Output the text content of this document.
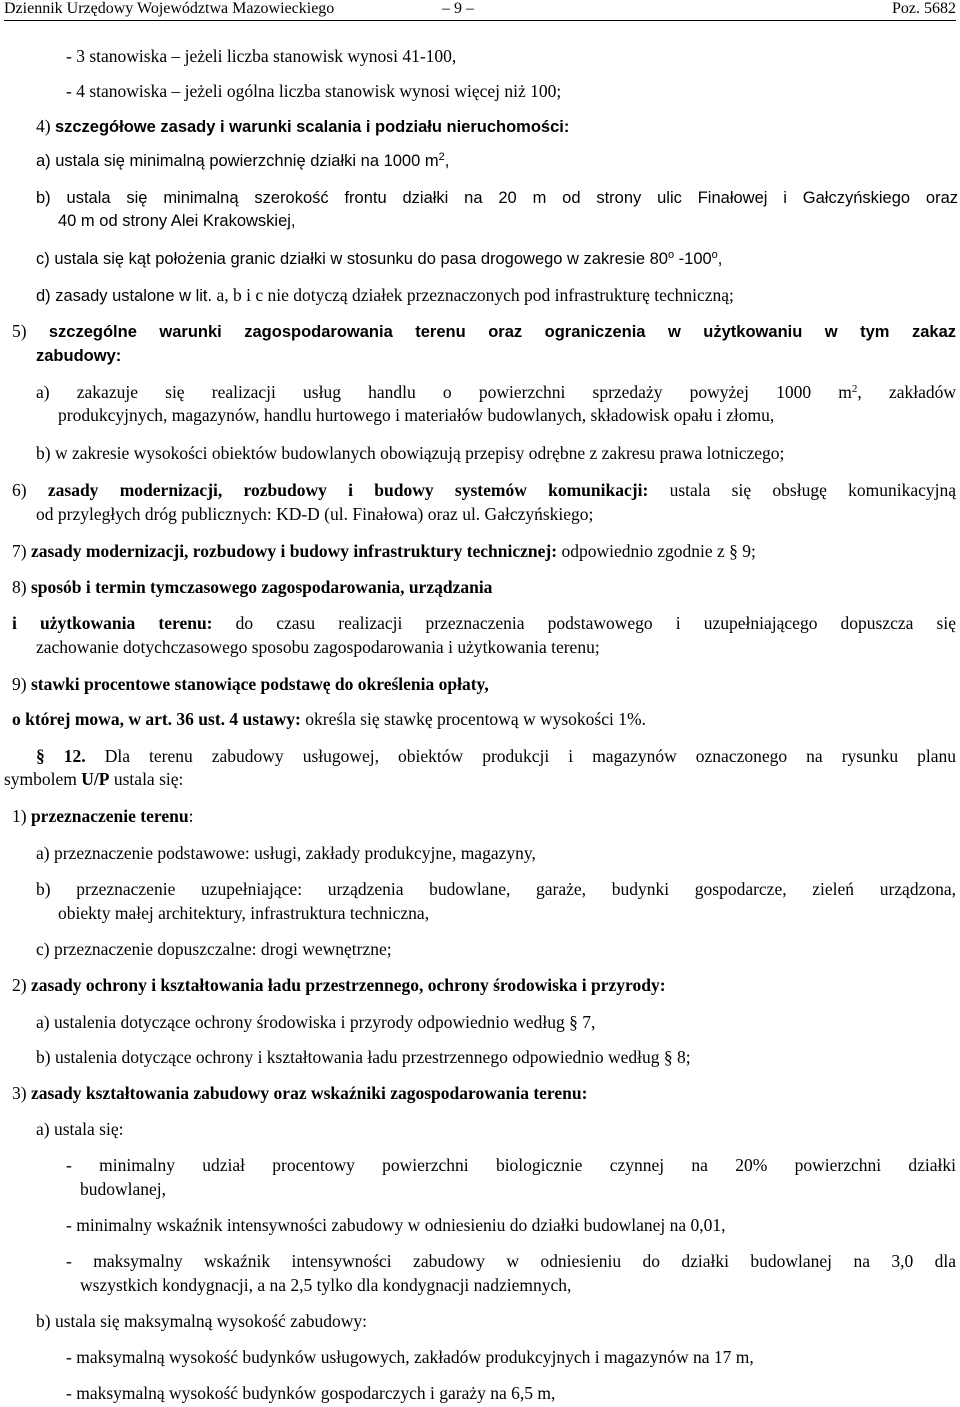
Dziennik Urzędowy Województwa Mazowieckiego	– 9 –	Poz. 5682
- 3 stanowiska – jeżeli liczba stanowisk wynosi 41-100,
- 4 stanowiska – jeżeli ogólna liczba stanowisk wynosi więcej niż 100;
4) szczegółowe zasady i warunki scalania i podziału nieruchomości:
a) ustala się minimalną powierzchnię działki na 1000 $m^2$,
b) ustala się minimalną szerokość frontu działki na 20 m od strony ulic Finałowej i Gałczyńskiego oraz
40 m od strony Alei Krakowskiej,
c) ustala się kąt położenia granic działki w stosunku do pasa drogowego w zakresie 80$^o$ -100$^o$,
d) zasady ustalone w lit. a, b i c nie dotyczą działek przeznaczonych pod infrastrukturę techniczną;
5) szczególne warunki zagospodarowania terenu oraz ograniczenia w użytkowaniu w tym zakaz
zabudowy:
a) zakazuje się realizacji usług handlu o powierzchni sprzedaży powyżej 1000 $m^2$, zakładów
produkcyjnych, magazynów, handlu hurtowego i materiałów budowlanych, składowisk opału i złomu,
b) w zakresie wysokości obiektów budowlanych obowiązują przepisy odrębne z zakresu prawa lotniczego;
6) zasady modernizacji, rozbudowy i budowy systemów komunikacji: ustala się obsługę komunikacyjną
od przyległych dróg publicznych: KD-D (ul. Finałowa) oraz ul. Gałczyńskiego;
7) zasady modernizacji, rozbudowy i budowy infrastruktury technicznej: odpowiednio zgodnie z § 9;
8) sposób i termin tymczasowego zagospodarowania, urządzania
i użytkowania terenu: do czasu realizacji przeznaczenia podstawowego i uzupełniającego dopuszcza się
zachowanie dotychczasowego sposobu zagospodarowania i użytkowania terenu;
9) stawki procentowe stanowiące podstawę do określenia opłaty,
o której mowa, w art. 36 ust. 4 ustawy: określa się stawkę procentową w wysokości 1%.
§ 12. Dla terenu zabudowy usługowej, obiektów produkcji i magazynów oznaczonego na rysunku planu
symbolem U/P ustala się:
1) przeznaczenie terenu:
a) przeznaczenie podstawowe: usługi, zakłady produkcyjne, magazyny,
b) przeznaczenie uzupełniające: urządzenia budowlane, garaże, budynki gospodarcze, zieleń urządzona,
obiekty małej architektury, infrastruktura techniczna,
c) przeznaczenie dopuszczalne: drogi wewnętrzne;
2) zasady ochrony i kształtowania ładu przestrzennego, ochrony środowiska i przyrody:
a) ustalenia dotyczące ochrony środowiska i przyrody odpowiednio według § 7,
b) ustalenia dotyczące ochrony i kształtowania ładu przestrzennego odpowiednio według § 8;
3) zasady kształtowania zabudowy oraz wskaźniki zagospodarowania terenu:
a) ustala się:
- minimalny udział procentowy powierzchni biologicznie czynnej na 20% powierzchni działki
budowlanej,
- minimalny wskaźnik intensywności zabudowy w odniesieniu do działki budowlanej na 0,01,
- maksymalny wskaźnik intensywności zabudowy w odniesieniu do działki budowlanej na 3,0 dla
wszystkich kondygnacji, a na 2,5 tylko dla kondygnacji nadziemnych,
b) ustala się maksymalną wysokość zabudowy:
- maksymalną wysokość budynków usługowych, zakładów produkcyjnych i magazynów na 17 m,
- maksymalną wysokość budynków gospodarczych i garaży na 6,5 m,
